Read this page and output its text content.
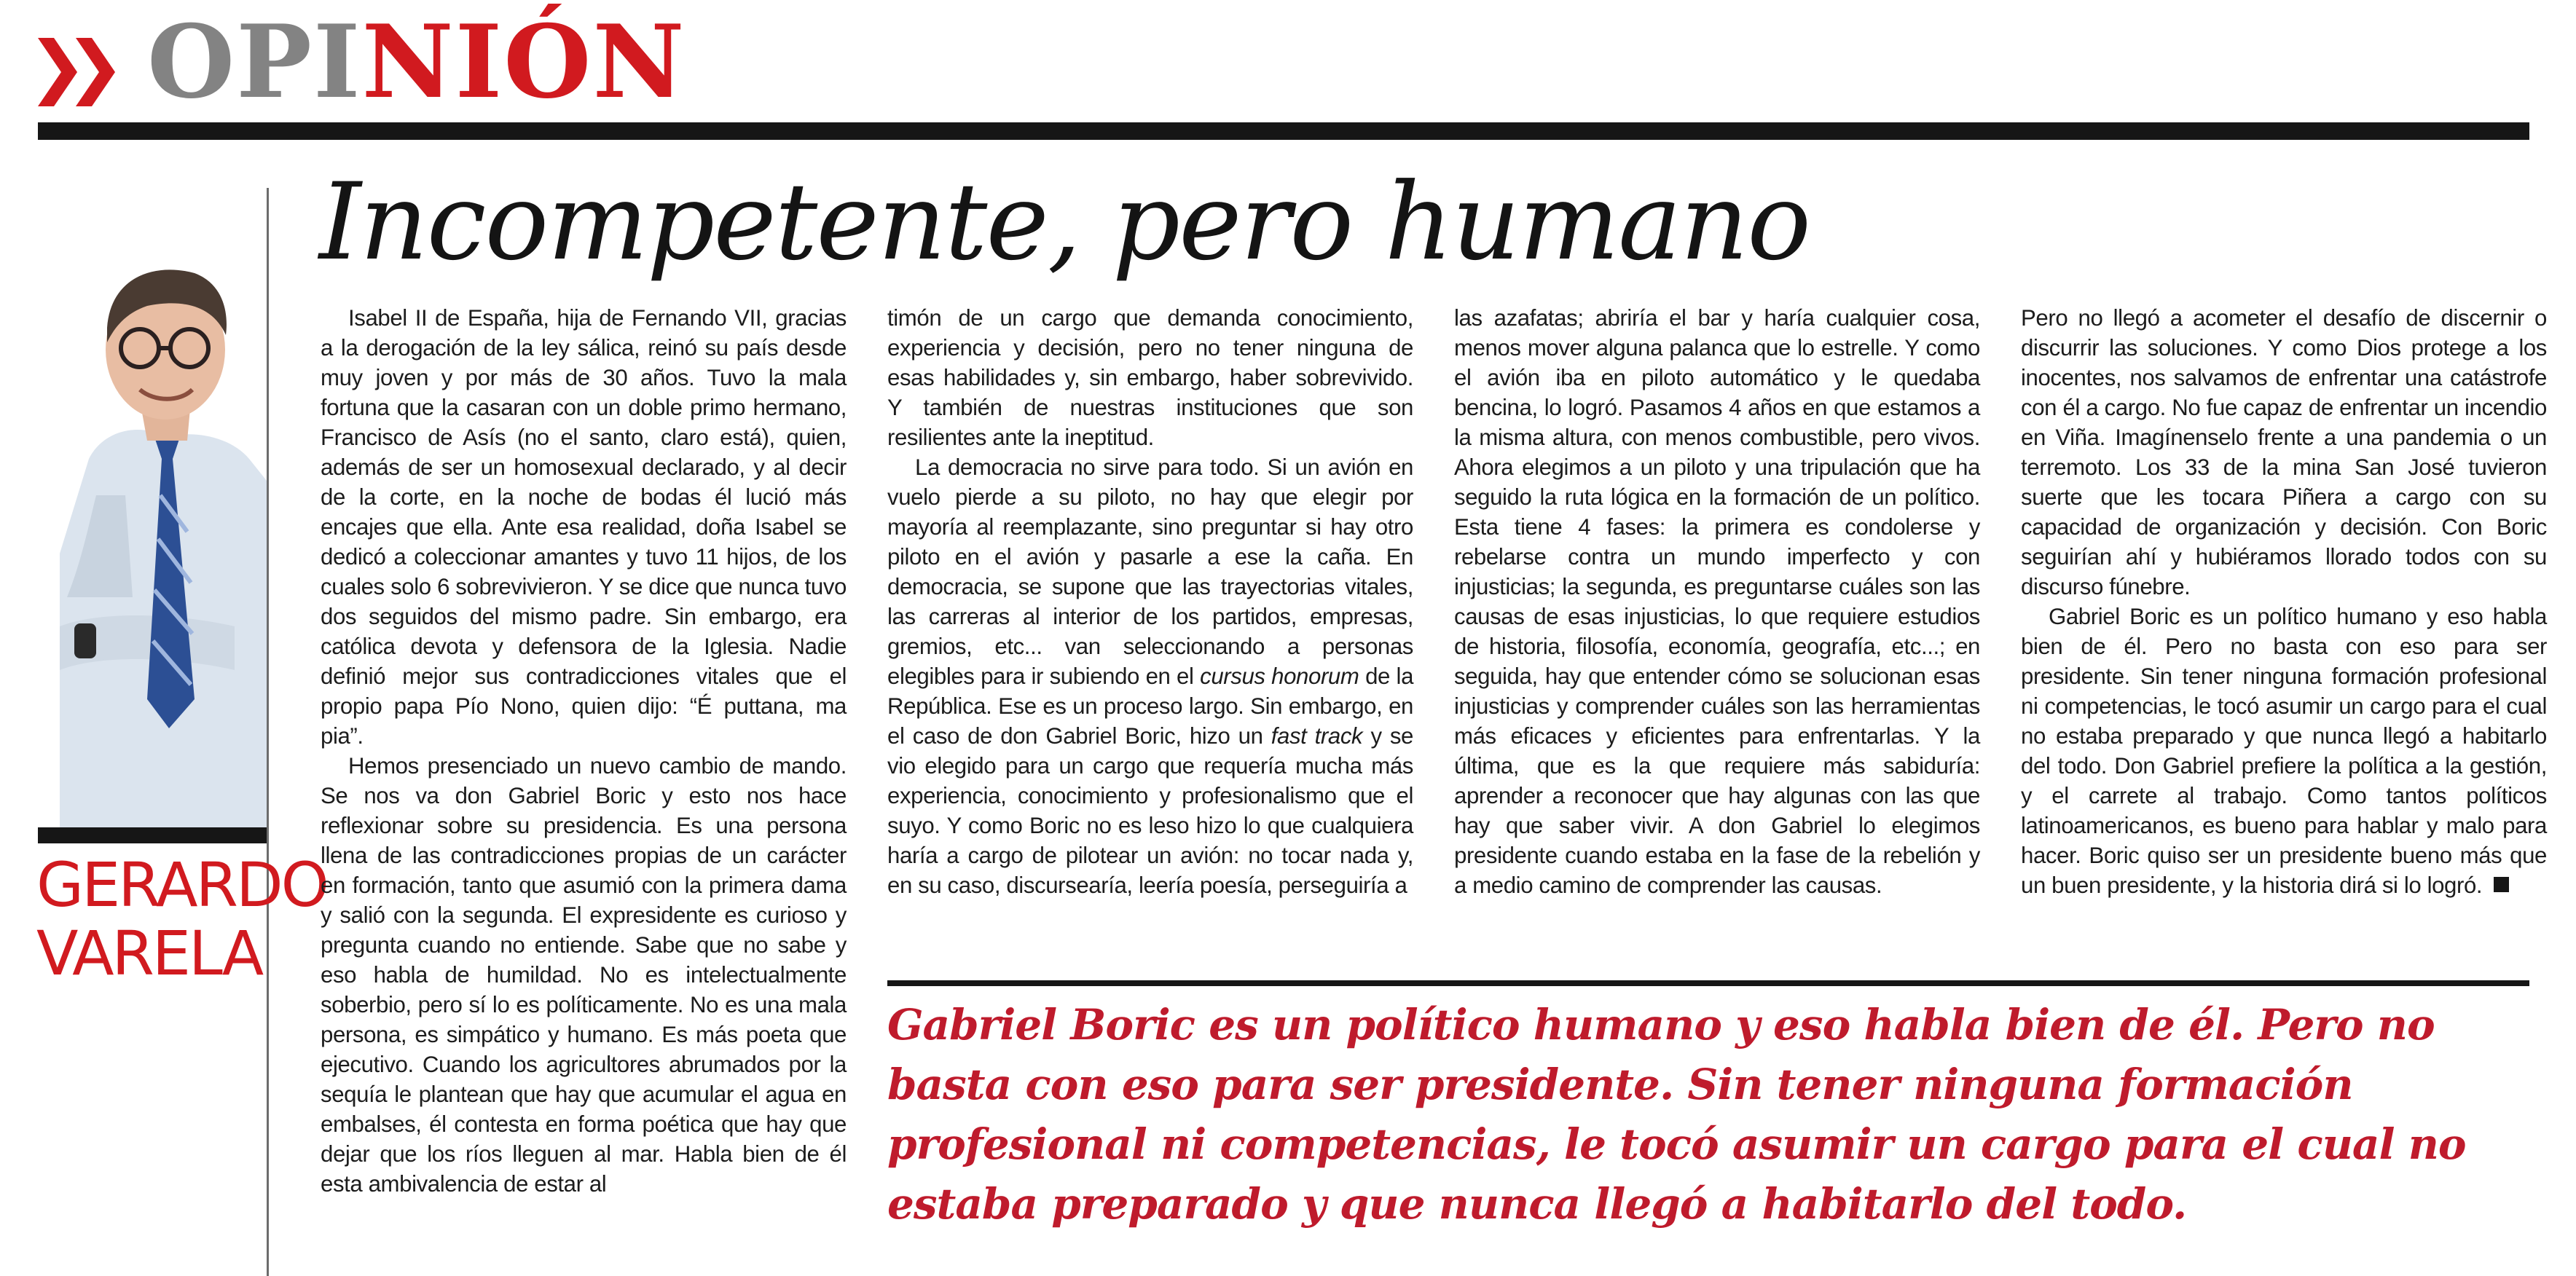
OPINIÓN
GERARDO
VARELA
Incompetente, pero humano

Isabel II de España, hija de Fernando VII, gracias a la derogación de la ley sálica, reinó su país desde muy joven y por más de 30 años. Tuvo la mala fortuna que la casaran con un doble primo hermano, Francisco de Asís (no el santo, claro está), quien, además de ser un homosexual declarado, y al decir de la corte, en la noche de bodas él lució más encajes que ella. Ante esa realidad, doña Isabel se dedicó a coleccionar amantes y tuvo 11 hijos, de los cuales solo 6 sobrevivieron. Y se dice que nunca tuvo dos seguidos del mismo padre. Sin embargo, era católica devota y defensora de la Iglesia. Nadie definió mejor sus contradicciones vitales que el propio papa Pío Nono, quien dijo: “É puttana, ma pia”.

Hemos presenciado un nuevo cambio de mando. Se nos va don Gabriel Boric y esto nos hace reflexionar sobre su presidencia. Es una persona llena de las contradicciones propias de un carácter en formación, tanto que asumió con la primera dama y salió con la segunda. El expresidente es curioso y pregunta cuando no entiende. Sabe que no sabe y eso habla de humildad. No es intelectualmente soberbio, pero sí lo es políticamente. No es una mala persona, es simpático y humano. Es más poeta que ejecutivo. Cuando los agricultores abrumados por la sequía le plantean que hay que acumular el agua en embalses, él contesta en forma poética que hay que dejar que los ríos lleguen al mar. Habla bien de él esta ambivalencia de estar al

timón de un cargo que demanda conocimiento, experiencia y decisión, pero no tener ninguna de esas habilidades y, sin embargo, haber sobrevivido. Y también de nuestras instituciones que son resilientes ante la ineptitud.

La democracia no sirve para todo. Si un avión en vuelo pierde a su piloto, no hay que elegir por mayoría al reemplazante, sino preguntar si hay otro piloto en el avión y pasarle a ese la caña. En democracia, se supone que las trayectorias vitales, las carreras al interior de los partidos, empresas, gremios, etc... van seleccionando a personas elegibles para ir subiendo en el cursus honorum de la República. Ese es un proceso largo. Sin embargo, en el caso de don Gabriel Boric, hizo un fast track y se vio elegido para un cargo que requería mucha más experiencia, conocimiento y profesionalismo que el suyo. Y como Boric no es leso hizo lo que cualquiera haría a cargo de pilotear un avión: no tocar nada y, en su caso, discursearía, leería poesía, perseguiría a

las azafatas; abriría el bar y haría cualquier cosa, menos mover alguna palanca que lo estrelle. Y como el avión iba en piloto automático y le quedaba bencina, lo logró. Pasamos 4 años en que estamos a la misma altura, con menos combustible, pero vivos. Ahora elegimos a un piloto y una tripulación que ha seguido la ruta lógica en la formación de un político. Esta tiene 4 fases: la primera es condolerse y rebelarse contra un mundo imperfecto y con injusticias; la segunda, es preguntarse cuáles son las causas de esas injusticias, lo que requiere estudios de historia, filosofía, economía, geografía, etc...; en seguida, hay que entender cómo se solucionan esas injusticias y comprender cuáles son las herramientas más eficaces y eficientes para enfrentarlas. Y la última, que es la que requiere más sabiduría: aprender a reconocer que hay algunas con las que hay que saber vivir. A don Gabriel lo elegimos presidente cuando estaba en la fase de la rebelión y a medio camino de comprender las causas.

Pero no llegó a acometer el desafío de discernir o discurrir las soluciones. Y como Dios protege a los inocentes, nos salvamos de enfrentar una catástrofe con él a cargo. No fue capaz de enfrentar un incendio en Viña. Imagínenselo frente a una pandemia o un terremoto. Los 33 de la mina San José tuvieron suerte que les tocara Piñera a cargo con su capacidad de organización y decisión. Con Boric seguirían ahí y hubiéramos llorado todos con su discurso fúnebre.

Gabriel Boric es un político humano y eso habla bien de él. Pero no basta con eso para ser presidente. Sin tener ninguna formación profesional ni competencias, le tocó asumir un cargo para el cual no estaba preparado y que nunca llegó a habitarlo del todo. Don Gabriel prefiere la política a la gestión, y el carrete al trabajo. Como tantos políticos latinoamericanos, es bueno para hablar y malo para hacer. Boric quiso ser un presidente bueno más que un buen presidente, y la historia dirá si lo logró.

Gabriel Boric es un político humano y eso habla bien de él. Pero no basta con eso para ser presidente. Sin tener ninguna formación profesional ni competencias, le tocó asumir un cargo para el cual no estaba preparado y que nunca llegó a habitarlo del todo.
